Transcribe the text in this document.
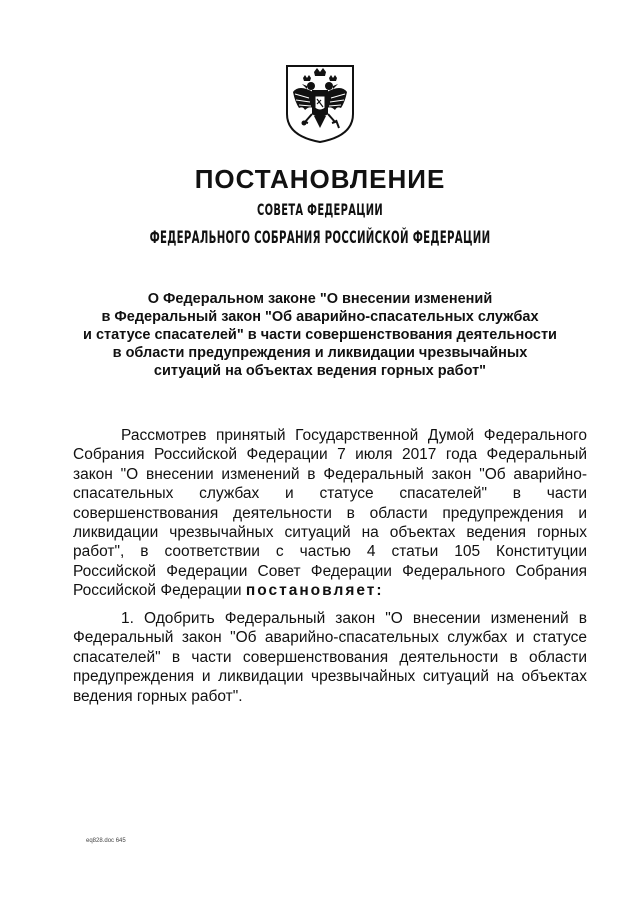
ПОСТАНОВЛЕНИЕ
СОВЕТА ФЕДЕРАЦИИ
ФЕДЕРАЛЬНОГО СОБРАНИЯ РОССИЙСКОЙ ФЕДЕРАЦИИ
О Федеральном законе "О внесении изменений
в Федеральный закон "Об аварийно-спасательных службах
и статусе спасателей" в части совершенствования деятельности
в области предупреждения и ликвидации чрезвычайных
ситуаций на объектах ведения горных работ"
Рассмотрев принятый Государственной Думой Федерального
Собрания Российской Федерации 7 июля 2017 года Федеральный
закон "О внесении изменений в Федеральный закон "Об аварийно-
спасательных службах и статусе спасателей" в части
совершенствования деятельности в области предупреждения и
ликвидации чрезвычайных ситуаций на объектах ведения горных
работ", в соответствии с частью 4 статьи 105 Конституции
Российской Федерации Совет Федерации Федерального Собрания
Российской Федерации постановляет:
1. Одобрить Федеральный закон "О внесении изменений в
Федеральный закон "Об аварийно-спасательных службах и статусе
спасателей" в части совершенствования деятельности в области
предупреждения и ликвидации чрезвычайных ситуаций на объектах
ведения горных работ".
eq828.doc 645
